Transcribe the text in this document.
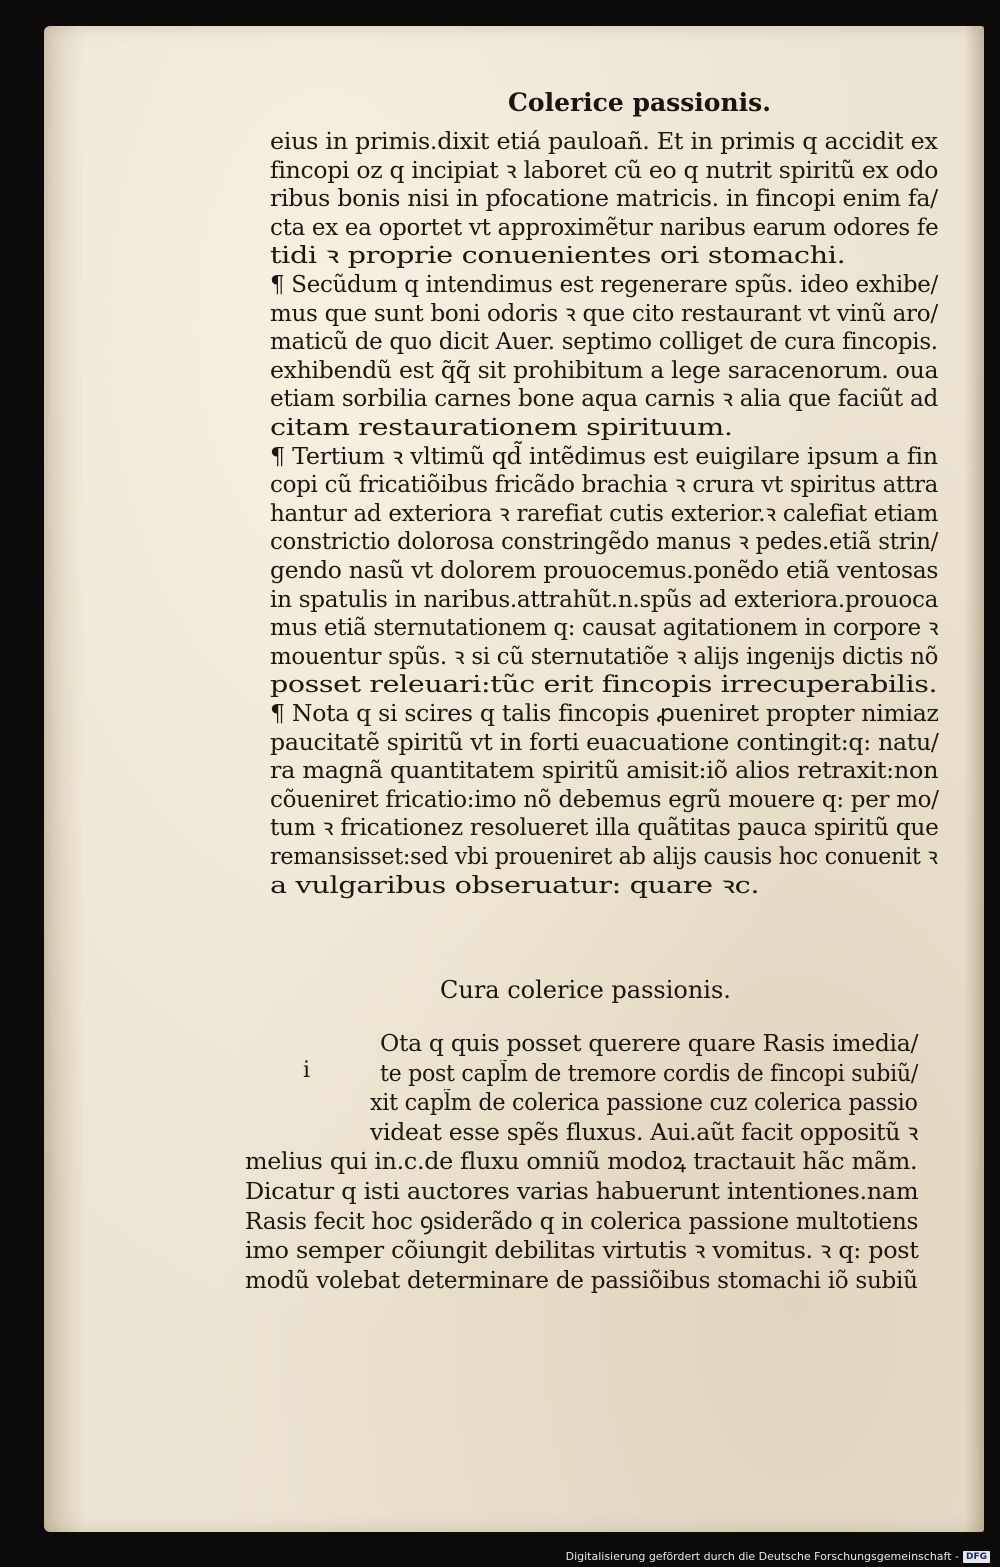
Colerice passionis.
eius in primis.dixit etiá pauloañ. Et in primis q accidit ex
fincopi oz q incipiat ꝛ laboret cũ eo q nutrit spiritũ ex odo
ribus bonis nisi in pfocatione matricis. in fincopi enim fa/
cta ex ea oportet vt approximẽtur naribus earum odores fe
tidi ꝛ proprie conuenientes ori stomachi.
¶ Secũdum q intendimus est regenerare spũs. ideo exhibe/
mus que sunt boni odoris ꝛ que cito restaurant vt vinũ aro/
maticũ de quo dicit Auer. septimo colliget de cura fincopis.
exhibendũ est q̃q̃ sit prohibitum a lege saracenorum. oua
etiam sorbilia carnes bone aqua carnis ꝛ alia que faciũt ad
citam restaurationem spirituum.
¶ Tertium ꝛ vltimũ qd̃ intẽdimus est euigilare ipsum a fin
copi cũ fricatiõibus fricãdo brachia ꝛ crura vt spiritus attra
hantur ad exteriora ꝛ rarefiat cutis exterior.ꝛ calefiat etiam
constrictio dolorosa constringẽdo manus ꝛ pedes.etiã strin/
gendo nasũ vt dolorem prouocemus.ponẽdo etiã ventosas
in spatulis in naribus.attrahũt.n.spũs ad exteriora.prouoca
mus etiã sternutationem q: causat agitationem in corpore ꝛ
mouentur spũs. ꝛ si cũ sternutatiõe ꝛ alijs ingenijs dictis nõ
posset releuari:tũc erit fincopis irrecuperabilis.
¶ Nota q si scires q talis fincopis ꝓueniret propter nimiaz
paucitatẽ spiritũ vt in forti euacuatione contingit:q: natu/
ra magnã quantitatem spiritũ amisit:iõ alios retraxit:non
cõueniret fricatio:imo nõ debemus egrũ mouere q: per mo/
tum ꝛ fricationez resolueret illa quãtitas pauca spiritũ que
remansisset:sed vbi proueniret ab alijs causis hoc conuenit ꝛ
a vulgaribus obseruatur: quare ꝛc.
Cura colerice passionis.
i
Ota q quis posset querere quare Rasis imedia/
te post capl̃m de tremore cordis de fincopi subiũ/
xit capl̃m de colerica passione cuz colerica passio
videat esse spẽs fluxus. Aui.aũt facit oppositũ ꝛ
melius qui in.c.de fluxu omniũ modoꝝ tractauit hãc mãm.
Dicatur q isti auctores varias habuerunt intentiones.nam
Rasis fecit hoc ꝯsiderãdo q in colerica passione multotiens
imo semper cõiungit debilitas virtutis ꝛ vomitus. ꝛ q: post
modũ volebat determinare de passiõibus stomachi iõ subiũ
Digitalisierung gefördert durch die Deutsche Forschungsgemeinschaft - DFG
